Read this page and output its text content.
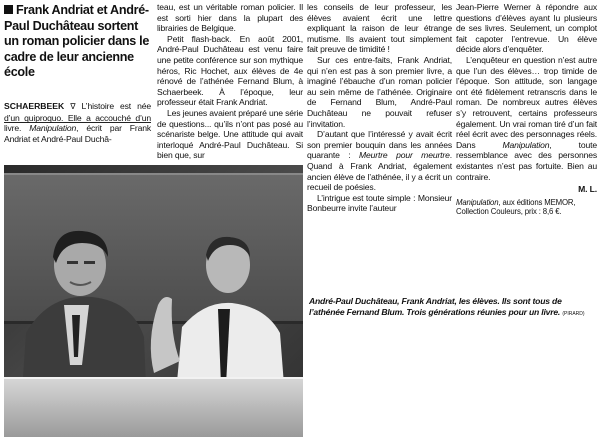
Frank Andriat et André-Paul Duchâteau sortent un roman policier dans le cadre de leur ancienne école

SCHAERBEEK ∇ L’histoire est née d’un quiproquo. Elle a accouché d’un livre. Manipulation, écrit par Frank Andriat et André-Paul Duchâ-

teau, est un véritable roman policier. Il est sorti hier dans la plupart des librairies de Belgique.

Petit flash-back. En août 2001, André-Paul Duchâteau est venu faire une petite conférence sur son mythique héros, Ric Hochet, aux élèves de 4e rénové de l’athénée Fernand Blum, à Schaerbeek. À l’époque, leur professeur était Frank Andriat.

Les jeunes avaient préparé une série de questions... qu’ils n’ont pas posé au scénariste belge. Une attitude qui avait interloqué André-Paul Duchâteau. Si bien que, sur

les conseils de leur professeur, les élèves avaient écrit une lettre expliquant la raison de leur étrange mutisme. Ils avaient tout simplement fait preuve de timidité !

Sur ces entre-faits, Frank Andriat, qui n’en est pas à son premier livre, a imaginé l’ébauche d’un roman policier au sein même de l’athénée. Originaire de Fernand Blum, André-Paul Duchâteau ne pouvait refuser l’invitation.

D’autant que l’intéressé y avait écrit son premier bouquin dans les années quarante : Meurtre pour meurtre. Quand à Frank Andriat, également ancien élève de l’athénée, il y a écrit un recueil de poésies.

L’intrigue est toute simple : Monsieur Bonbeurre invite l’auteur

Jean-Pierre Werner à répondre aux questions d’élèves ayant lu plusieurs de ses livres. Seulement, un complot fait capoter l’entrevue. Un élève décide alors d’enquêter.

L’enquêteur en question n’est autre que l’un des élèves… trop timide de l’époque. Son attitude, son langage ont été fidèlement retranscris dans le roman. De nombreux autres élèves s’y retrouvent, certains professeurs également. Un vrai roman tiré d’un fait réel écrit avec des personnages réels. Dans	Manipulation, toute ressemblance avec des personnes existantes n’est pas fortuite. Bien au contraire.

M. L.

Manipulation, aux éditions MEMOR, Collection Couleurs, prix : 8,6 €.

André-Paul Duchâteau, Frank Andriat, les élèves. Ils sont tous de l’athénée Fernand Blum. Trois générations réunies pour un livre. (PIRARD)
